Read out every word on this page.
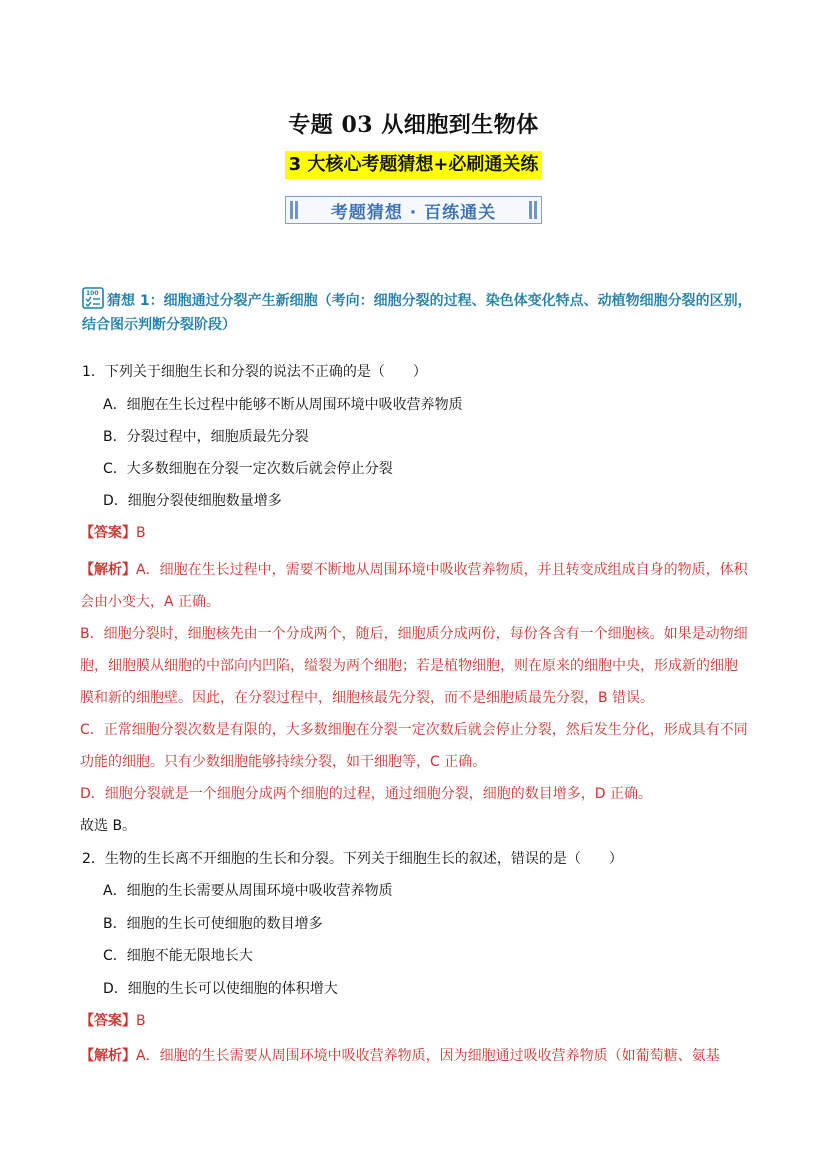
专题 03 从细胞到生物体
3 大核心考题猜想+必刷通关练
考题猜想 · 百练通关
100 猜想 1：细胞通过分裂产生新细胞（考向：细胞分裂的过程、染色体变化特点、动植物细胞分裂的区别，结合图示判断分裂阶段）
1．下列关于细胞生长和分裂的说法不正确的是（　　）
A．细胞在生长过程中能够不断从周围环境中吸收营养物质
B．分裂过程中，细胞质最先分裂
C．大多数细胞在分裂一定次数后就会停止分裂
D．细胞分裂使细胞数量增多
【答案】B
【解析】A．细胞在生长过程中，需要不断地从周围环境中吸收营养物质，并且转变成组成自身的物质，体积会由小变大，A 正确。
B．细胞分裂时，细胞核先由一个分成两个，随后，细胞质分成两份，每份各含有一个细胞核。如果是动物细胞，细胞膜从细胞的中部向内凹陷，缢裂为两个细胞；若是植物细胞，则在原来的细胞中央，形成新的细胞膜和新的细胞壁。因此，在分裂过程中，细胞核最先分裂，而不是细胞质最先分裂，B 错误。
C．正常细胞分裂次数是有限的，大多数细胞在分裂一定次数后就会停止分裂，然后发生分化，形成具有不同功能的细胞。只有少数细胞能够持续分裂，如干细胞等，C 正确。
D．细胞分裂就是一个细胞分成两个细胞的过程，通过细胞分裂，细胞的数目增多，D 正确。
故选 B。
2．生物的生长离不开细胞的生长和分裂。下列关于细胞生长的叙述，错误的是（　　）
A．细胞的生长需要从周围环境中吸收营养物质
B．细胞的生长可使细胞的数目增多
C．细胞不能无限地长大
D．细胞的生长可以使细胞的体积增大
【答案】B
【解析】A．细胞的生长需要从周围环境中吸收营养物质，因为细胞通过吸收营养物质（如葡萄糖、氨基
